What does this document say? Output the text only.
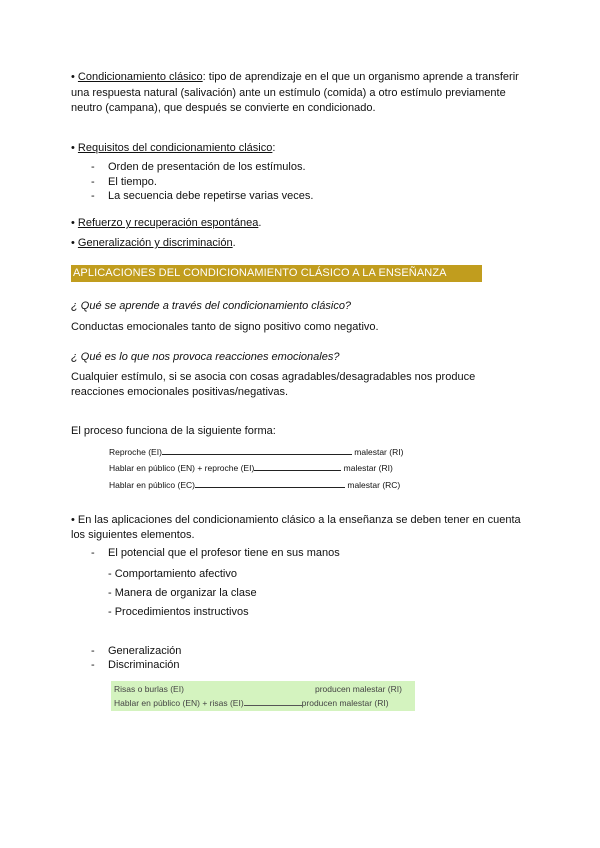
• Condicionamiento clásico: tipo de aprendizaje en el que un organismo aprende a transferir
una respuesta natural (salivación) ante un estímulo (comida) a otro estímulo previamente
neutro (campana), que después se convierte en condicionado.
• Requisitos del condicionamiento clásico:
- Orden de presentación de los estímulos.
- El tiempo.
- La secuencia debe repetirse varias veces.
• Refuerzo y recuperación espontánea.
• Generalización y discriminación.
APLICACIONES DEL CONDICIONAMIENTO CLÁSICO A LA ENSEÑANZA
¿ Qué se aprende a través del condicionamiento clásico?
Conductas emocionales tanto de signo positivo como negativo.
¿ Qué es lo que nos provoca reacciones emocionales?
Cualquier estímulo, si se asocia con cosas agradables/desagradables nos produce
reacciones emocionales positivas/negativas.
El proceso funciona de la siguiente forma:
Reproche (EI)	malestar (RI)
Hablar en público (EN) + reproche (EI)	malestar (RI)
Hablar en público (EC)	malestar (RC)
• En las aplicaciones del condicionamiento clásico a la enseñanza se deben tener en cuenta
los siguientes elementos.
- El potencial que el profesor tiene en sus manos
- Comportamiento afectivo
- Manera de organizar la clase
- Procedimientos instructivos
- Generalización
- Discriminación
Risas o burlas (EI)	producen malestar (RI)
Hablar en público (EN) + risas (EI)	producen malestar (RI)
